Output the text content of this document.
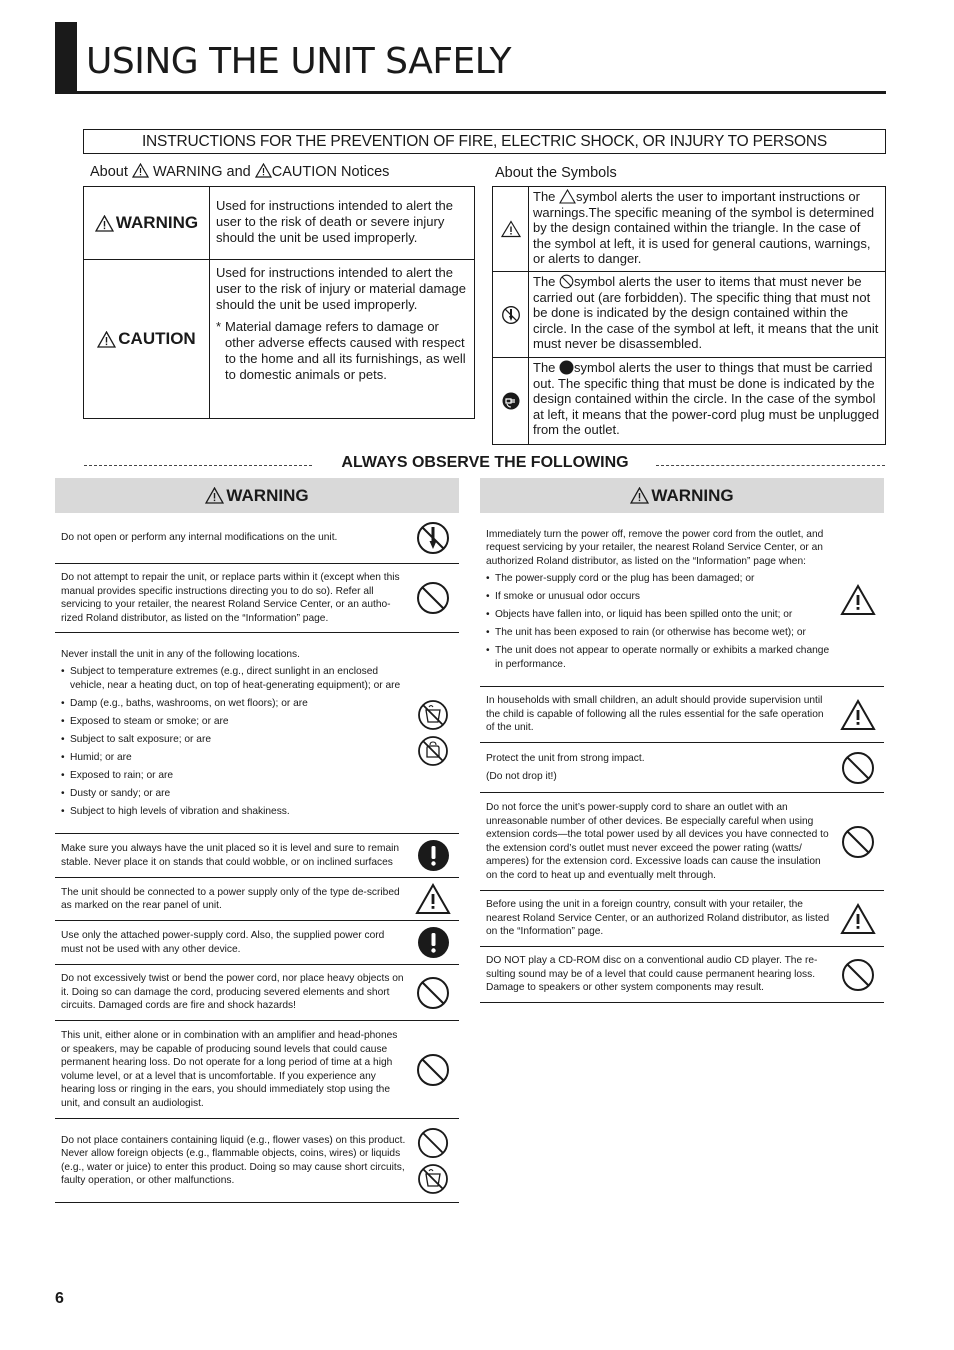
USING THE UNIT SAFELY
INSTRUCTIONS FOR THE PREVENTION OF FIRE, ELECTRIC SHOCK, OR INJURY TO PERSONS
About  WARNING and CAUTION Notices	About the Symbols
WARNING
Used for instructions intended to alert the user to the risk of death or severe injury should the unit be used improperly.
CAUTION
Used for instructions intended to alert the user to the risk of injury or material damage should the unit be used improperly.
* Material damage refers to damage or other adverse effects caused with respect to the home and all its furnishings, as well to domestic animals or pets.
The symbol alerts the user to important instructions or warnings.The specific meaning of the symbol is determined by the design contained within the triangle. In the case of the symbol at left, it is used for general cautions, warnings, or alerts to danger.
The symbol alerts the user to items that must never be carried out (are forbidden). The specific thing that must not be done is indicated by the design contained within the circle. In the case of the symbol at left, it means that the unit must never be disassembled.
The symbol alerts the user to things that must be carried out. The specific thing that must be done is indicated by the design contained within the circle. In the case of the symbol at left, it means that the power-cord plug must be unplugged from the outlet.
ALWAYS OBSERVE THE FOLLOWING
WARNING	WARNING
Do not open or perform any internal modifications on the unit.
Do not attempt to repair the unit, or replace parts within it (except when this manual provides specific instructions directing you to do so). Refer all servicing to your retailer, the nearest Roland Service Center, or an autho-rized Roland distributor, as listed on the “Information” page.

Never install the unit in any of the following locations.

• Subject to temperature extremes (e.g., direct sunlight in an enclosed vehicle, near a heating duct, on top of heat-generating equipment); or are
• Damp (e.g., baths, washrooms, on wet floors); or are
• Exposed to steam or smoke; or are
• Subject to salt exposure; or are
• Humid; or are
• Exposed to rain; or are
• Dusty or sandy; or are
• Subject to high levels of vibration and shakiness.
Make sure you always have the unit placed so it is level and sure to remain stable. Never place it on stands that could wobble, or on inclined surfaces
The unit should be connected to a power supply only of the type de-scribed as marked on the rear panel of unit.
Use only the attached power-supply cord. Also, the supplied power cord must not be used with any other device.
Do not excessively twist or bend the power cord, nor place heavy objects on it. Doing so can damage the cord, producing severed elements and short circuits. Damaged cords are fire and shock hazards!
This unit, either alone or in combination with an amplifier and head-phones or speakers, may be capable of producing sound levels that could cause permanent hearing loss. Do not operate for a long period of time at a high volume level, or at a level that is uncomfortable. If you experience any hearing loss or ringing in the ears, you should immediately stop using the unit, and consult an audiologist.
Do not place containers containing liquid (e.g., flower vases) on this product. Never allow foreign objects (e.g., flammable objects, coins, wires) or liquids (e.g., water or juice) to enter this product. Doing so may cause short circuits, faulty operation, or other malfunctions.

Immediately turn the power off, remove the power cord from the outlet, and request servicing by your retailer, the nearest Roland Service Center, or an authorized Roland distributor, as listed on the “Information” page when:

• The power-supply cord or the plug has been damaged; or
• If smoke or unusual odor occurs
• Objects have fallen into, or liquid has been spilled onto the unit; or
• The unit has been exposed to rain (or otherwise has become wet); or
• The unit does not appear to operate normally or exhibits a marked change in performance.
In households with small children, an adult should provide supervision until the child is capable of following all the rules essential for the safe operation of the unit.

Protect the unit from strong impact.

(Do not drop it!)

Do not force the unit’s power-supply cord to share an outlet with an unreasonable number of other devices. Be especially careful when using extension cords—the total power used by all devices you have connected to the extension cord’s outlet must never exceed the power rating (watts/ amperes) for the extension cord. Excessive loads can cause the insulation on the cord to heat up and eventually melt through.
Before using the unit in a foreign country, consult with your retailer, the nearest Roland Service Center, or an authorized Roland distributor, as listed on the “Information” page.
DO NOT play a CD-ROM disc on a conventional audio CD player. The re-sulting sound may be of a level that could cause permanent hearing loss. Damage to speakers or other system components may result.
6
